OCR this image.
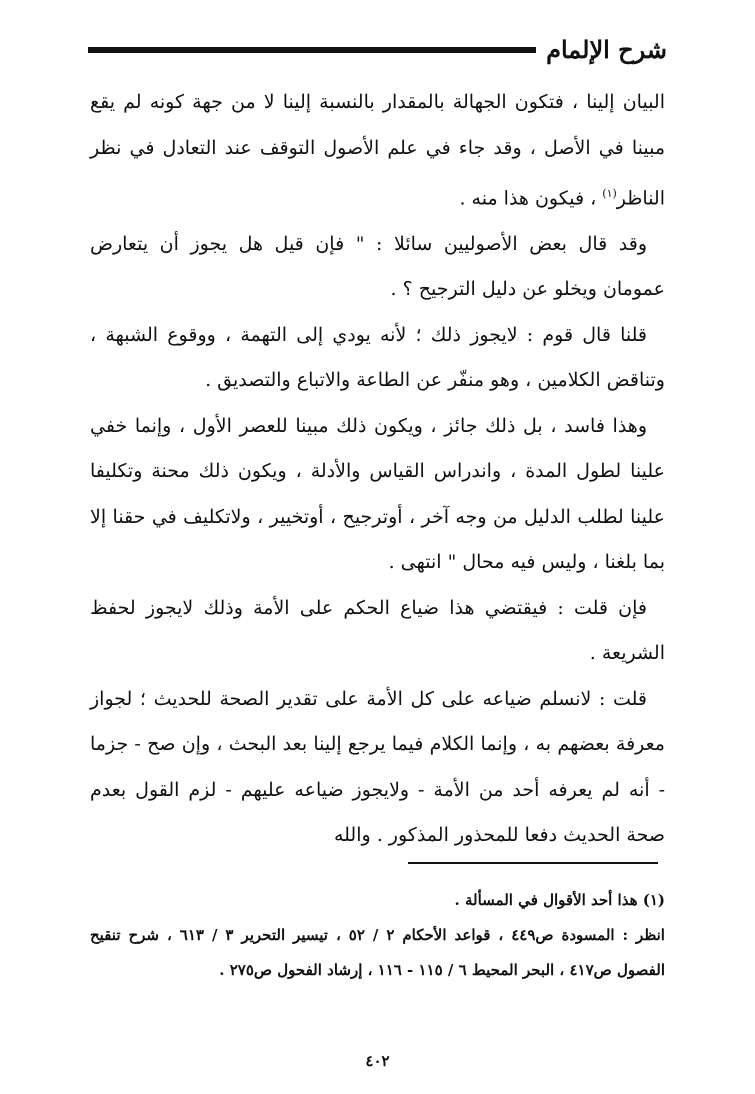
شرح الإلمام

البيان إلينا ، فتكون الجهالة بالمقدار بالنسبة إلينا لا من جهة كونه لم يقع مبينا في الأصل ، وقد جاء في علم الأصول التوقف عند التعادل في نظر الناظر$^{(١)}$ ، فيكون هذا منه .

وقد قال بعض الأصوليين سائلا : " فإن قيل هل يجوز أن يتعارض عمومان ويخلو عن دليل الترجيح ؟ .

قلنا قال قوم : لايجوز ذلك ؛ لأنه يودي إلى التهمة ، ووقوع الشبهة ، وتناقض الكلامين ، وهو منفّر عن الطاعة والاتباع والتصديق .

وهذا فاسد ، بل ذلك جائز ، ويكون ذلك مبينا للعصر الأول ، وإنما خفي علينا لطول المدة ، واندراس القياس والأدلة ، ويكون ذلك محنة وتكليفا علينا لطلب الدليل من وجه آخر ، أوترجيح ، أوتخيير ، ولاتكليف في حقنا إلا بما بلغنا ، وليس فيه محال " انتهى .

فإن قلت : فيقتضي هذا ضياع الحكم على الأمة وذلك لايجوز لحفظ الشريعة .

قلت : لانسلم ضياعه على كل الأمة على تقدير الصحة للحديث ؛ لجواز معرفة بعضهم به ، وإنما الكلام فيما يرجع إلينا بعد البحث ، وإن صح - جزما - أنه لم يعرفه أحد من الأمة - ولايجوز ضياعه عليهم - لزم القول بعدم صحة الحديث دفعا للمحذور المذكور . والله

(١) هذا أحد الأقوال في المسألة .

انظر : المسودة ص٤٤٩ ، قواعد الأحكام ٢ / ٥٢ ، تيسير التحرير ٣ / ٦١٣ ، شرح تنقيح الفصول ص٤١٧ ، البحر المحيط ٦ / ١١٥ - ١١٦ ، إرشاد الفحول ص٢٧٥ .

٤٠٢
